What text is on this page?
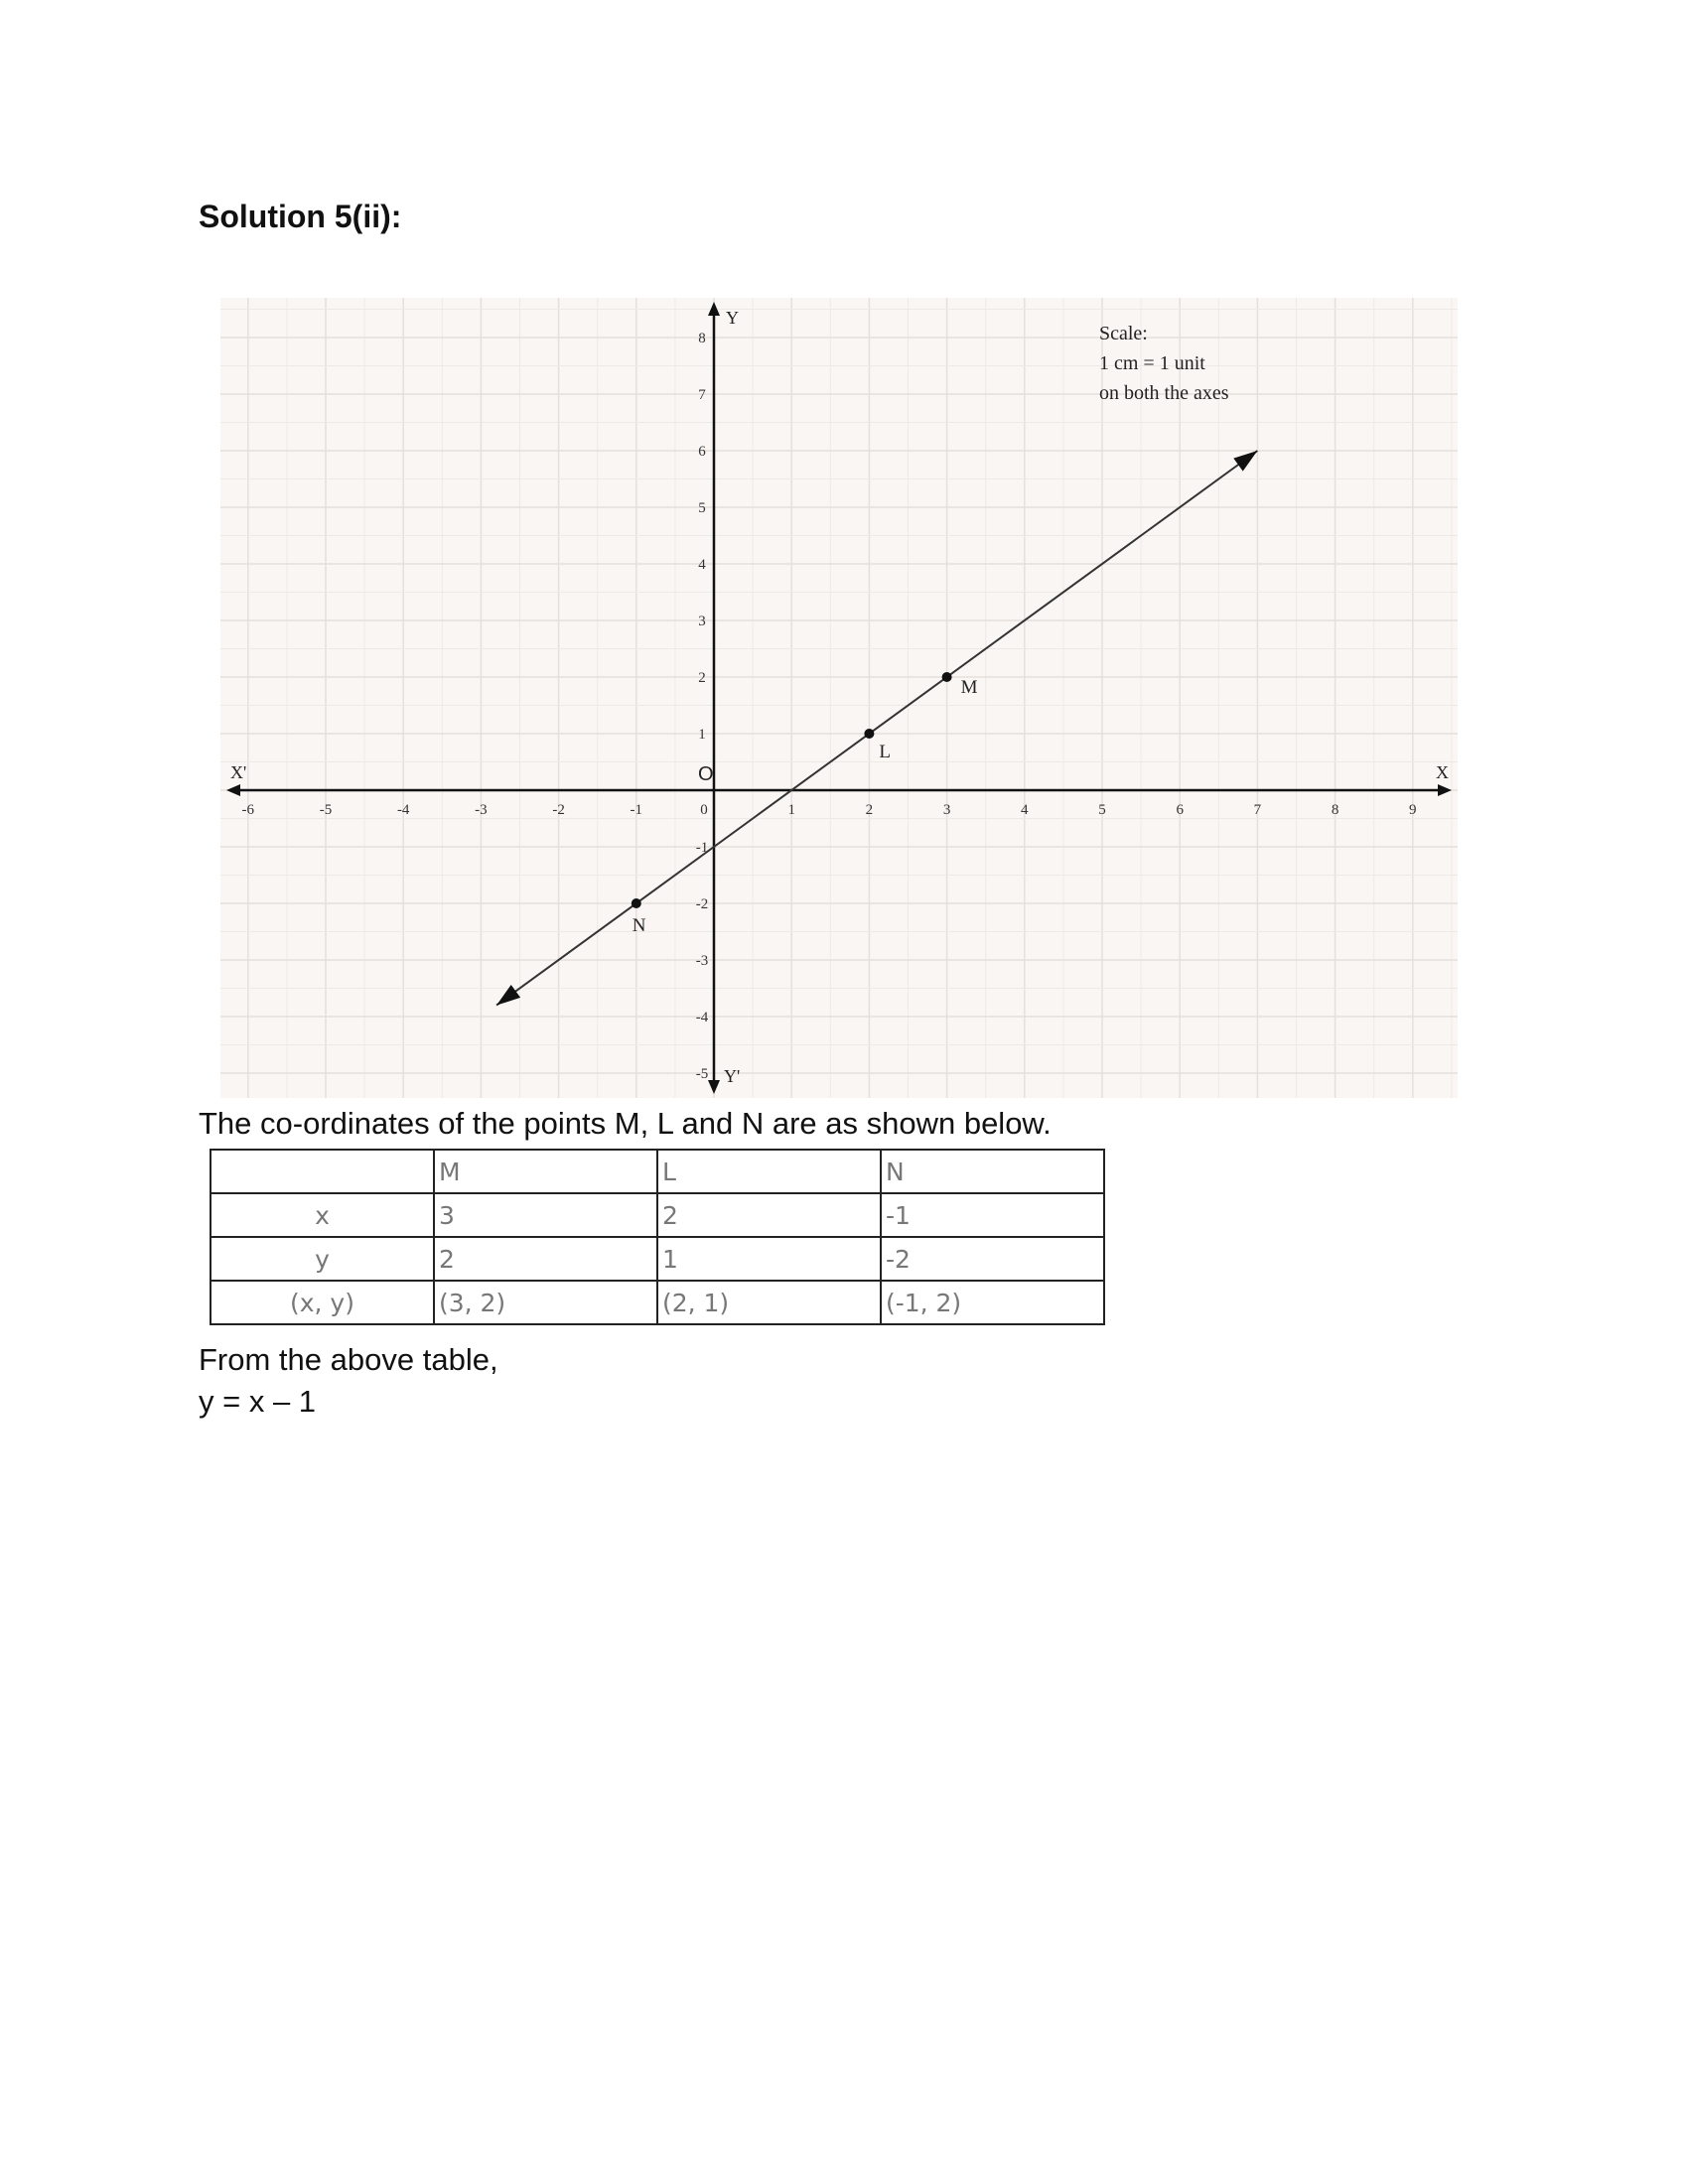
Solution 5(ii):
X
X'
Y
Y'
O
-6	-5	-4	-3	-2	-1	0	1	2	3	4	5	6	7	8	9
8
7
6
5
4
3
2
1
-1
-2
-3
-4
-5
M
L
N
Scale:
1 cm = 1 unit
on both the axes
The co-ordinates of the points M, L and N are as shown below.
	M	L	N
x	3	2	-1
y	2	1	-2
(x, y)	(3, 2)	(2, 1)	(-1, 2)
From the above table,
y = x – 1
